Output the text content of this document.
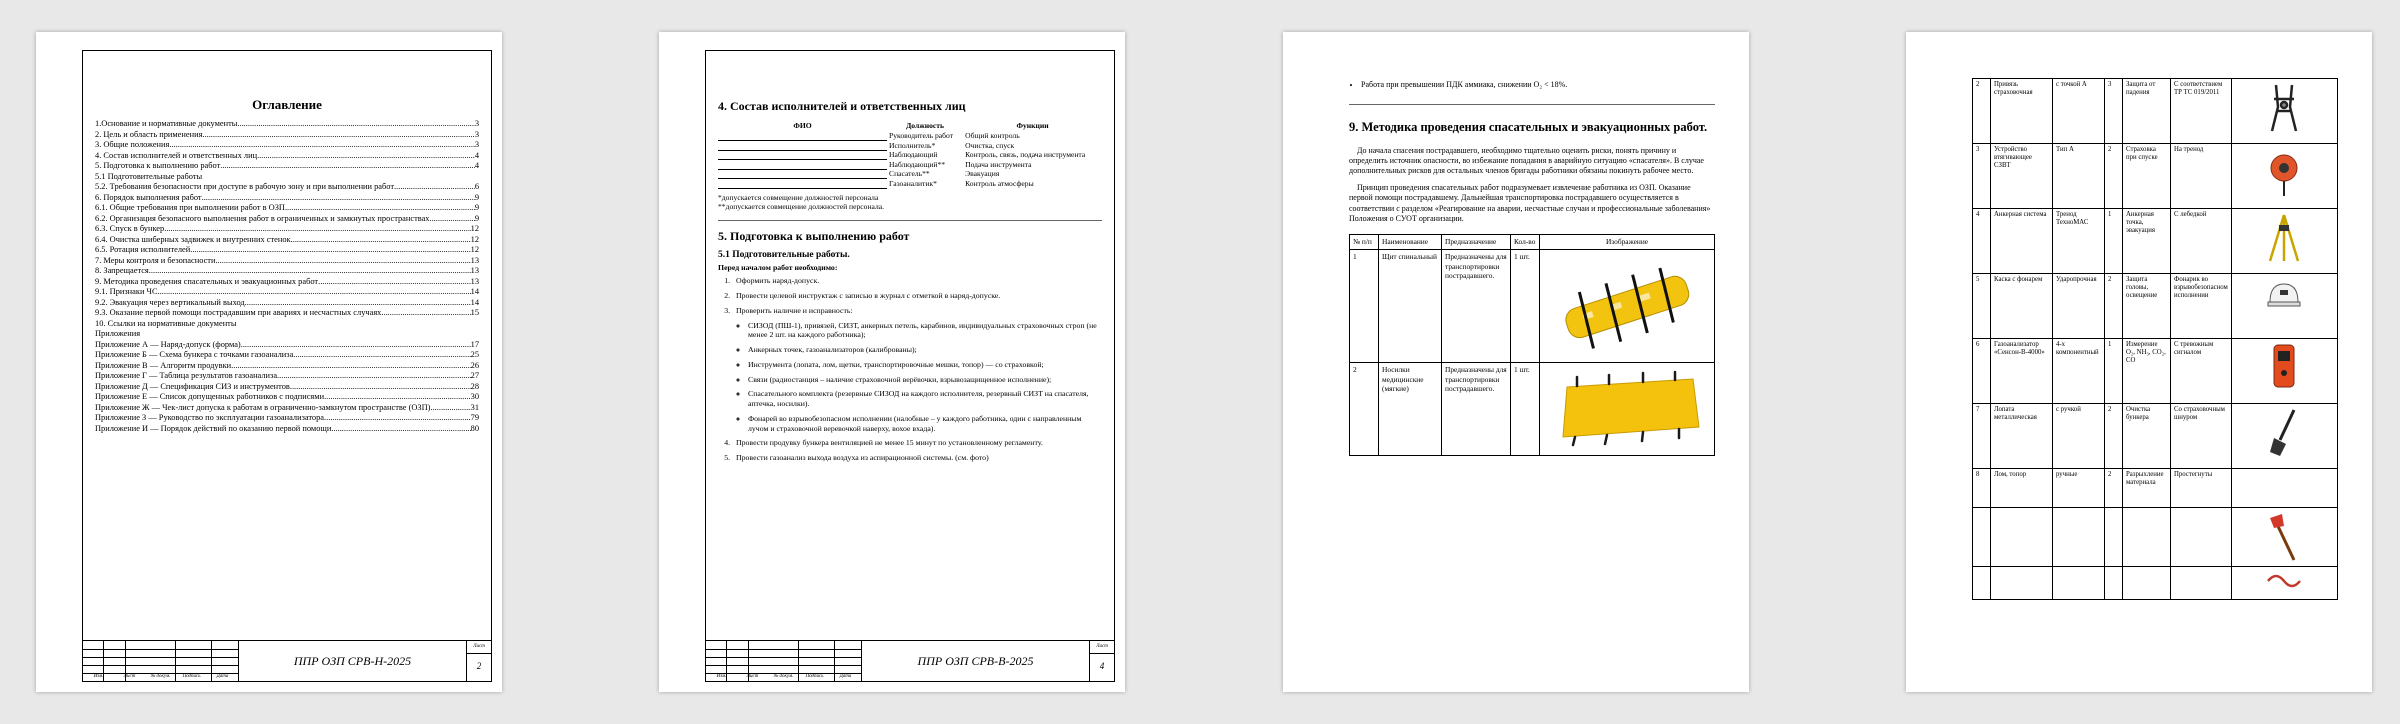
Оглавление
1.Основание и нормативные документы .....	3
2. Цель и область применения .....	3
3. Общие положения .....	3
4. Состав исполнителей и ответственных лиц .....	4
5. Подготовка к выполнению работ .....	4
5.1 Подготовительные работы
5.2. Требования безопасности при доступе в рабочую зону и при выполнении работ .....	6
6. Порядок выполнения работ .....	9
6.1. Общие требования при выполнении работ в ОЗП .....	9
6.2. Организация безопасного выполнения работ в ограниченных и замкнутых пространствах .....	9
6.3. Спуск в бункер .....	12
6.4. Очистка шиберных задвижек и внутренних стенок .....	12
6.5. Ротация исполнителей .....	12
7. Меры контроля и безопасности .....	13
8. Запрещается .....	13
9. Методика проведения спасательных и эвакуационных работ .....	13
9.1. Признаки ЧС .....	14
9.2. Эвакуация через вертикальный выход .....	14
9.3. Оказание первой помощи пострадавшим при авариях и несчастных случаях .....	15
10. Ссылки на нормативные документы
Приложения
Приложение А — Наряд-допуск (форма) .....	17
Приложение Б — Схема бункера с точками газоанализа .....	25
Приложение В — Алгоритм продувки .....	26
Приложение Г — Таблица результатов газоанализа .....	27
Приложение Д — Спецификация СИЗ и инструментов .....	28
Приложение Е — Список допущенных работников с подписями .....	30
Приложение Ж — Чек-лист допуска к работам в ограниченно-замкнутом пространстве (ОЗП) .....	31
Приложение З — Руководство по эксплуатации газоанализатора .....	79
Приложение И — Порядок действий по оказанию первой помощи .....	80
Изм.	Лист	№ докум.	Подпись	Дата
ППР ОЗП СРВ-Н-2025
Лист
2
4. Состав исполнителей и ответственных лиц
ФИО	Должность	Функции
	Руководитель работ	Общий контроль
	Исполнитель*	Очистка, спуск
	Наблюдающий	Контроль, связь, подача инструмента
	Наблюдающий**	Подача инструмента
	Спасатель**	Эвакуация
	Газоаналитик*	Контроль атмосферы
*допускается совмещение должностей персонала
**допускается совмещение должностей персонала.
5. Подготовка к выполнению работ
5.1 Подготовительные работы.
Перед началом работ необходимо:
1. Оформить наряд-допуск.
2. Провести целевой инструктаж с записью в журнал с отметкой в наряд-допуске.
3. Проверить наличие и исправность:
◦ СИЗОД (ПШ-1), привязей, СИЗТ, анкерных петель, карабинов, индивидуальных страховочных строп (не менее 2 шт. на каждого работника);
◦ Анкерных точек, газоанализаторов (калиброваны);
◦ Инструмента (лопата, лом, щетки, транспортировочные мешки, топор) — со страховкой;
◦ Связи (радиостанция – наличие страховочной верёвочки, взрывозащищенное исполнение);
◦ Спасательного комплекта (резервные СИЗОД на каждого исполнителя, резервный СИЗТ на спасателя, аптечка, носилки).
◦ Фонарей во взрывобезопасном исполнении (налобные – у каждого работника, один с направленным лучом и страховочной веревочкой наверху, вохое вхада).
4. Провести продувку бункера вентиляцией не менее 15 минут по установленному регламенту.
5. Провести газоанализ выхода воздуха из аспирационной системы. (см. фото)
Изм.	Лист	№ докум.	Подпись	Дата
ППР ОЗП СРВ-В-2025
Лист
4
• Работа при превышении ПДК аммиака, снижении O₂ < 18%.
9. Методика проведения спасательных и эвакуационных работ.

До начала спасения пострадавшего, необходимо тщательно оценить риски, понять причину и определить источник опасности, во избежание попадания в аварийную ситуацию «спасателя». В случае дополнительных рисков для остальных членов бригады работники обязаны покинуть рабочее место.

Принцип проведения спасательных работ подразумевает извлечение работника из ОЗП. Оказание первой помощи пострадавшему. Дальнейшая транспортировка пострадавшего осуществляется в соответствии с разделом «Реагирование на аварии, несчастные случаи и профессиональные заболевания» Положения о СУОТ организации.

№ п/п	Наименование	Предназначение	Кол-во	Изображение
1	Щит спинальный	Предназначены для транспортировки пострадавшего.	1 шт.	

2	Носилки медицинские (мягкие)	Предназначены для транспортировки пострадавшего.	1 шт.	
2	Привязь страховочная	с точкой А	3	Защита от падения	С соответствием ТР ТС 019/2011	

3	Устройство втягивающее СЗВТ	Тип А	2	Страховка при спуске	На тренод	

4	Анкерная система	Тренод ТехноМАС	1	Анкерная точка, эвакуация	С лебедкой	

5	Каска с фонарем	Ударопрочная	2	Защита головы, освещение	Фонарик во взрывобезопасном исполнении	

6	Газоанализатор «Сенсон-В-4000»	4-х компонентный	1	Измерение O₂, NH₃, CO₂, CO	С тревожным сигналом	

7	Лопата металлическая	с ручкой	2	Очистка бункера	Со страховочным шнуром	

8	Лом, топор	ручные	2	Разрыхление материала	Простегнуты	
